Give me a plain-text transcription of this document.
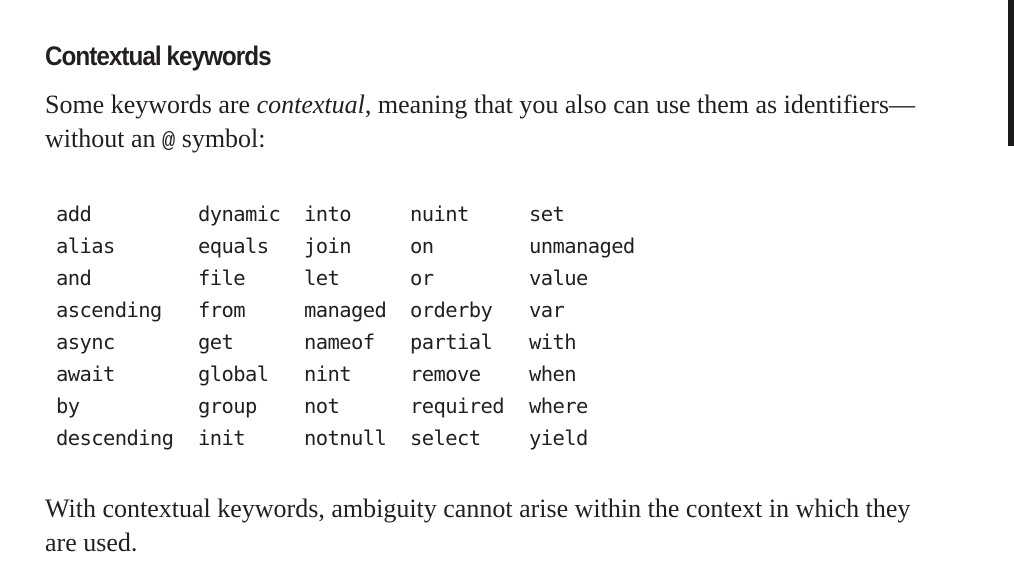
Contextual keywords

Some keywords are contextual, meaning that you also can use them as identifiers—
without an @ symbol:

add	dynamic into	nuint	set
alias	equals join	on	unmanaged
and	file	let	or	value
ascending from	managed orderby var
async	get	nameof partial with
await	global nint	remove when
by	group not	required where
descending init	notnull select yield

With contextual keywords, ambiguity cannot arise within the context in which they
are used.
